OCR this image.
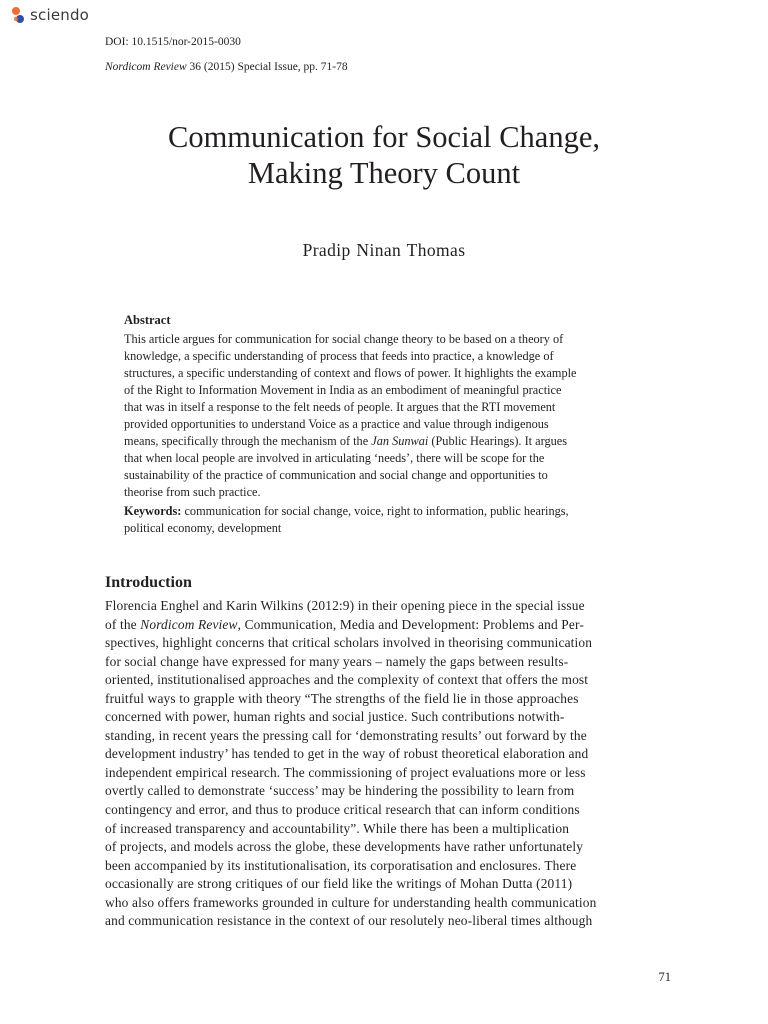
sciendo
DOI: 10.1515/nor-2015-0030
Nordicom Review 36 (2015) Special Issue, pp. 71-78
Communication for Social Change,
Making Theory Count
Pradip Ninan Thomas
Abstract
This article argues for communication for social change theory to be based on a theory of
knowledge, a specific understanding of process that feeds into practice, a knowledge of
structures, a specific understanding of context and flows of power. It highlights the example
of the Right to Information Movement in India as an embodiment of meaningful practice
that was in itself a response to the felt needs of people. It argues that the RTI movement
provided opportunities to understand Voice as a practice and value through indigenous
means, specifically through the mechanism of the Jan Sunwai (Public Hearings). It argues
that when local people are involved in articulating ‘needs’, there will be scope for the
sustainability of the practice of communication and social change and opportunities to
theorise from such practice.
Keywords: communication for social change, voice, right to information, public hearings,
political economy, development
Introduction
Florencia Enghel and Karin Wilkins (2012:9) in their opening piece in the special issue
of the Nordicom Review, Communication, Media and Development: Problems and Per-
spectives, highlight concerns that critical scholars involved in theorising communication
for social change have expressed for many years – namely the gaps between results-
oriented, institutionalised approaches and the complexity of context that offers the most
fruitful ways to grapple with theory “The strengths of the field lie in those approaches
concerned with power, human rights and social justice. Such contributions notwith-
standing, in recent years the pressing call for ‘demonstrating results’ out forward by the
development industry’ has tended to get in the way of robust theoretical elaboration and
independent empirical research. The commissioning of project evaluations more or less
overtly called to demonstrate ‘success’ may be hindering the possibility to learn from
contingency and error, and thus to produce critical research that can inform conditions
of increased transparency and accountability”. While there has been a multiplication
of projects, and models across the globe, these developments have rather unfortunately
been accompanied by its institutionalisation, its corporatisation and enclosures. There
occasionally are strong critiques of our field like the writings of Mohan Dutta (2011)
who also offers frameworks grounded in culture for understanding health communication
and communication resistance in the context of our resolutely neo-liberal times although
71
